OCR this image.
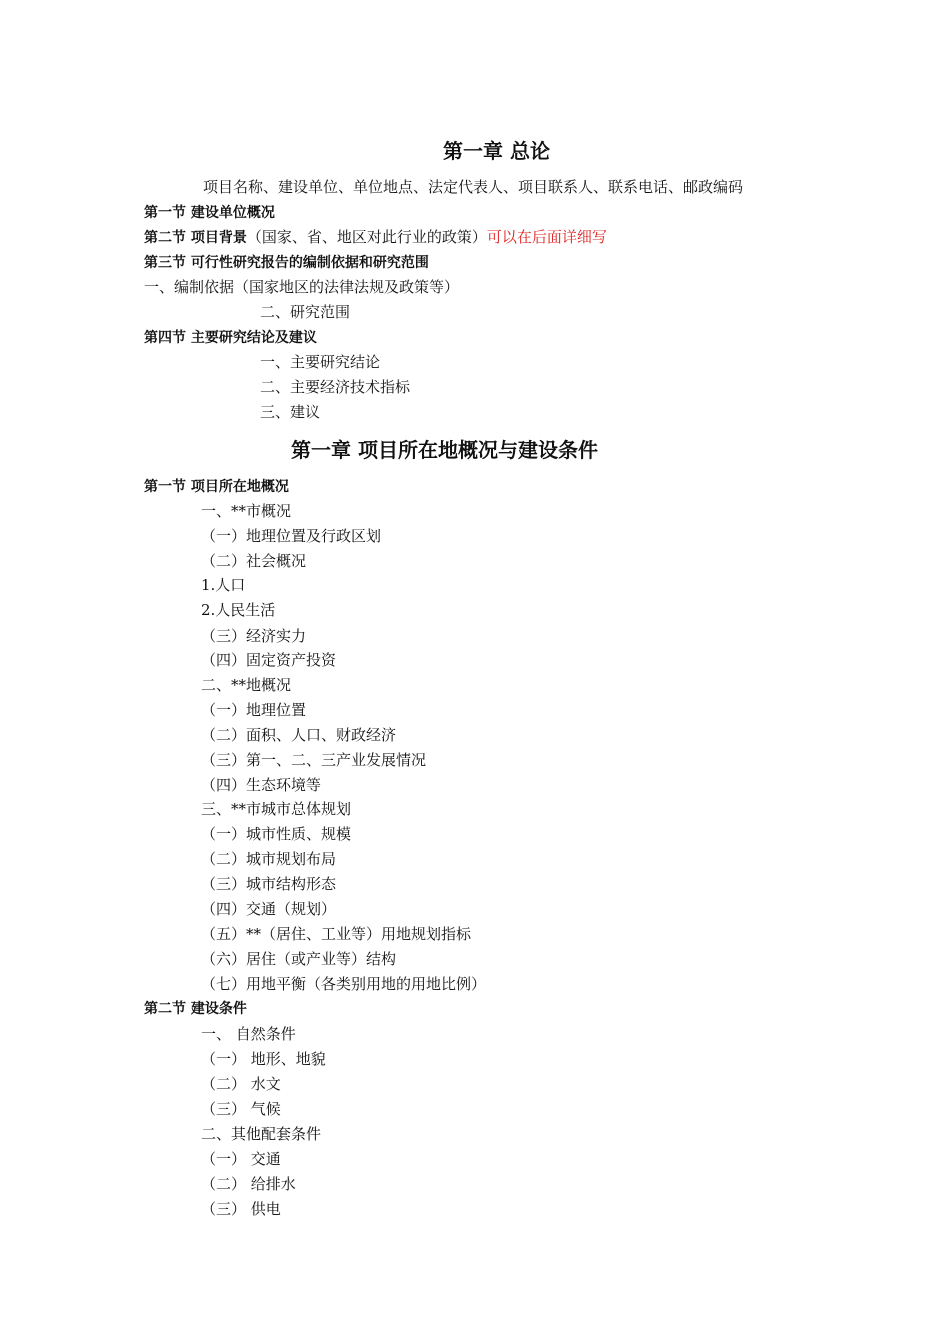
第一章 总论
项目名称、建设单位、单位地点、法定代表人、项目联系人、联系电话、邮政编码
第一节 建设单位概况
第二节 项目背景（国家、省、地区对此行业的政策）可以在后面详细写
第三节 可行性研究报告的编制依据和研究范围
一、编制依据（国家地区的法律法规及政策等）
二、研究范围
第四节 主要研究结论及建议
一、主要研究结论
二、主要经济技术指标
三、建议
第一章 项目所在地概况与建设条件
第一节 项目所在地概况
一、**市概况
（一）地理位置及行政区划
（二）社会概况
1.人口
2.人民生活
（三）经济实力
（四）固定资产投资
二、**地概况
（一）地理位置
（二）面积、人口、财政经济
（三）第一、二、三产业发展情况
（四）生态环境等
三、**市城市总体规划
（一）城市性质、规模
（二）城市规划布局
（三）城市结构形态
（四）交通（规划）
（五）**（居住、工业等）用地规划指标
（六）居住（或产业等）结构
（七）用地平衡（各类别用地的用地比例）
第二节 建设条件
一、 自然条件
（一） 地形、地貌
（二） 水文
（三） 气候
二、其他配套条件
（一） 交通
（二） 给排水
（三） 供电
